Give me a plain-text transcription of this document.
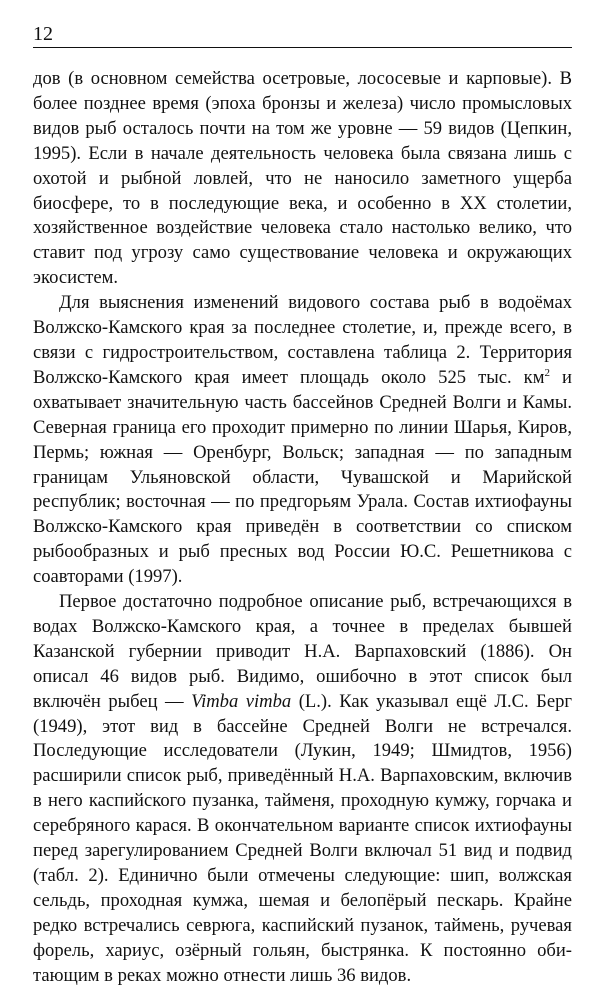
12

дов (в основном семейства осетровые, лососевые и карповые). В более позднее время (эпоха бронзы и железа) число промысловых видов рыб осталось почти на том же уровне — 59 видов (Цепкин, 1995). Если в начале деятельность человека была связана лишь с охотой и рыбной ловлей, что не наносило заметного ущерба биосфере, то в последующие века, и особенно в XX столетии, хозяйственное воздействие человека стало настолько велико, что ставит под угрозу само существование человека и окружающих экосистем.

Для выяснения изменений видового состава рыб в водоёмах Волжско-Камского края за последнее столетие, и, прежде всего, в связи с гидростроительством, составлена таблица 2. Территория Волжско-Камского края имеет площадь около 525 тыс. $км^2$ и охватывает значительную часть бассейнов Средней Волги и Камы. Северная граница его проходит примерно по линии Шарья, Киров, Пермь; южная — Оренбург, Вольск; западная — по западным границам Ульяновской области, Чувашской и Марийской республик; восточная — по предгорьям Урала. Состав ихтиофауны Волжско-Камского края приведён в соответствии со списком рыбообразных и рыб пресных вод России Ю.С. Решетникова с соавторами (1997).

Первое достаточно подробное описание рыб, встречающихся в водах Волжско-Камского края, а точнее в пределах бывшей Казанской губернии приводит Н.А. Варпаховский (1886). Он описал 46 видов рыб. Видимо, ошибочно в этот список был включён рыбец — Vimba vimba (L.). Как указывал ещё Л.С. Берг (1949), этот вид в бассейне Средней Волги не встречался. Последующие исследователи (Лукин, 1949; Шмидтов, 1956) расширили список рыб, приведённый Н.А. Варпаховским, включив в него каспийского пузанка, тайменя, проходную кумжу, горчака и серебряного карася. В окончательном варианте список ихтиофауны перед зарегулированием Средней Волги включал 51 вид и подвид (табл. 2). Единично были отмечены следующие: шип, волжская сельдь, проходная кумжа, шемая и белопёрый пескарь. Крайне редко встречались севрюга, каспийский пузанок, таймень, ручевая форель, хариус, озёрный гольян, быстрянка. К постоянно обитающим в реках можно отнести лишь 36 видов.
